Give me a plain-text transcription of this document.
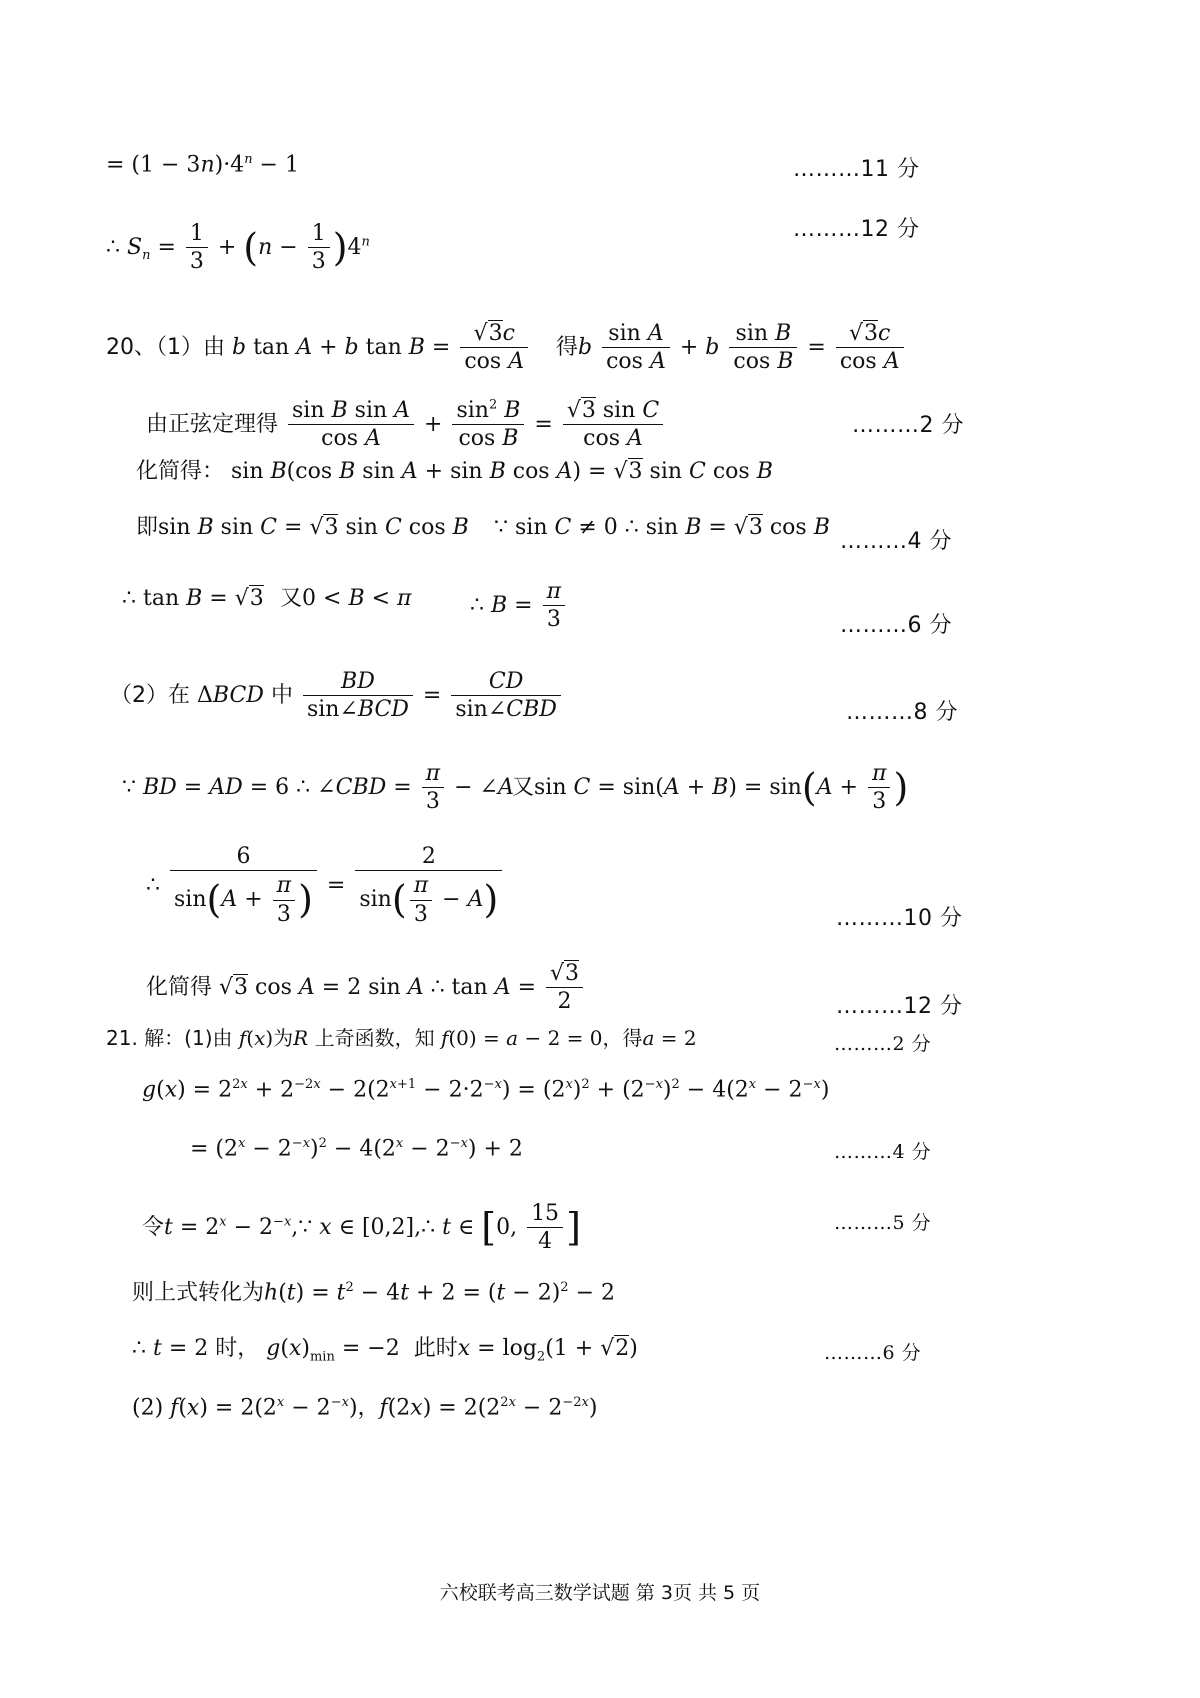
= $(1 - 3n)\cdot 4^n - 1$	………11 分
∴ $S_n = \frac{1}{3} + (n - \frac{1}{3} )4^n$	………12 分
20、（1）由 b tan A + b $\tan B = \frac{√3c}{\text{cos A}}$ 得b $\frac{\text{sin A}}{\text{cos A}} + b \frac{\text{sin B}}{\text{cos B}} = \frac{√3c}{\text{cos A}}$
由正弦定理得 $\frac{\text{sin B sin A}}{\text{cos A}} + \frac{\sin^2 B}{\text{cos B}} = \frac{\text{√3 sin C}}{\text{cos A}}$	………2 分
化简得： sin B(cos B sin A + sin B cos A) = √3 sin C cos B
即sin B sin C = √3 sin C cos B ∵ sin C ≠ 0 ∴ sin B = √3 cos B
………4 分
∴ tan B = √3 又0 < B < π	∴ $B = \frac{\pi}{3}$	………6 分
（2）在 ΔBCD 中
BD
sin∠BCD
=
CD
sin∠CBD	………8 分
∵ BD = AD = 6 ∴ ∠CBD = $\frac{\pi}{3}$ − ∠A
又$\sin C = \sin(A + B) = \sin(A + \frac{\pi}{3}$ )
∴ $\frac{6}{\sin(A + \frac{\pi}{3} )} = \frac{2}{\sin( \frac{\pi}{3} - A)}$	………10 分
化简得 √3 cos A = 2 sin A ∴ $\tan A = \frac{√3}{2}$	………12 分
21. 解：(1)由 f(x)为R 上奇函数，知 f(0) = a − 2 = 0，得a = 2	………2 分
$g(x) = 2^{2x} + 2^{-2x} - 2(2^{x+1} - 2\cdot 2^{-x}) = (2^x)^2 + (2^{-x})^2 - 4(2^x - 2^{-x})$
= $(2^x - 2^{-x})^2 - 4(2^x - 2^{-x}) + 2$	………4 分
令$t = 2^x$ − $2^{-x},\because$ x ∈ [0,2],∴ t ∈ [0, $\frac{15}{4}$ ]	………5 分
则上式转化为$h(t) = t^2 - 4t + 2 = (t - 2)^2 - 2$
∴ t = 2 时， $g(x)_{min} = -2$  此时$x = \log_2(1 + √2)$	………6 分
(2) $f(x) = 2(2^x - 2^{-x})$，$f(2x) = 2(2^{2x} - 2^{-2x})$
六校联考高三数学试题 第 3页 共 5 页
